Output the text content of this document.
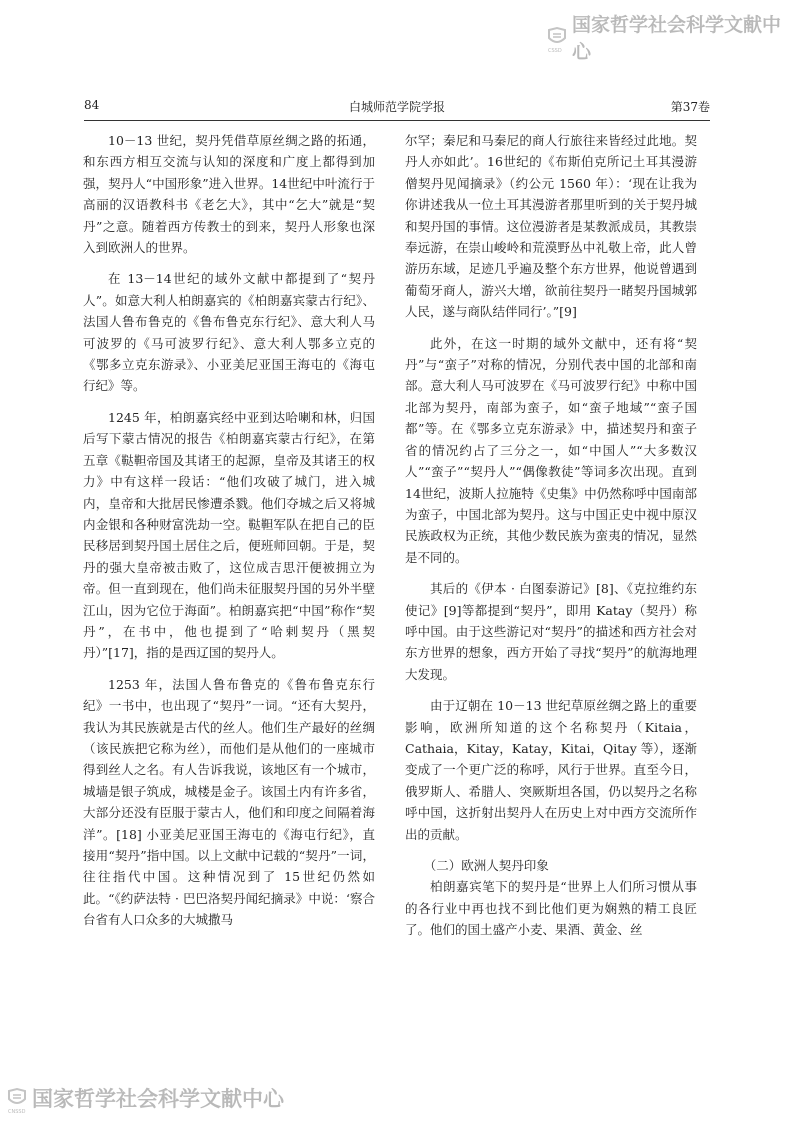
CSSD
国家哲学社会科学文献中心
84	白城师范学院学报	第37卷

10－13 世纪，契丹凭借草原丝绸之路的拓通，和东西方相互交流与认知的深度和广度上都得到加强，契丹人“中国形象”进入世界。14世纪中叶流行于高丽的汉语教科书《老乞大》，其中“乞大”就是“契丹”之意。随着西方传教士的到来，契丹人形象也深入到欧洲人的世界。

在 13－14世纪的域外文献中都提到了“契丹人”。如意大利人柏朗嘉宾的《柏朗嘉宾蒙古行纪》、法国人鲁布鲁克的《鲁布鲁克东行纪》、意大利人马可波罗的《马可波罗行纪》、意大利人鄂多立克的《鄂多立克东游录》、小亚美尼亚国王海屯的《海屯行纪》等。

1245 年，柏朗嘉宾经中亚到达哈喇和林，归国后写下蒙古情况的报告《柏朗嘉宾蒙古行纪》，在第五章《鞑靼帝国及其诸王的起源，皇帝及其诸王的权力》中有这样一段话：“他们攻破了城门，进入城内，皇帝和大批居民惨遭杀戮。他们夺城之后又将城内金银和各种财富洗劫一空。鞑靼军队在把自己的臣民移居到契丹国土居住之后，便班师回朝。于是，契丹的强大皇帝被击败了，这位成吉思汗便被拥立为帝。但一直到现在，他们尚未征服契丹国的另外半壁江山，因为它位于海面”。柏朗嘉宾把“中国”称作“契丹”，在书中，他也提到了“哈剌契丹（黑契丹）”[17]，指的是西辽国的契丹人。

1253 年，法国人鲁布鲁克的《鲁布鲁克东行纪》一书中，也出现了“契丹”一词。“还有大契丹，我认为其民族就是古代的丝人。他们生产最好的丝绸（该民族把它称为丝），而他们是从他们的一座城市得到丝人之名。有人告诉我说，该地区有一个城市，城墙是银子筑成，城楼是金子。该国土内有许多省，大部分还没有臣服于蒙古人，他们和印度之间隔着海洋”。[18] 小亚美尼亚国王海屯的《海屯行纪》，直接用“契丹”指中国。以上文献中记载的“契丹”一词，往往指代中国。这种情况到了 15世纪仍然如此。“《约萨法特 · 巴巴洛契丹闻纪摘录》中说：‘察合台省有人口众多的大城撒马

尔罕；秦尼和马秦尼的商人行旅往来皆经过此地。契丹人亦如此’。16世纪的《布斯伯克所记土耳其漫游僧契丹见闻摘录》（约公元 1560 年）：‘现在让我为你讲述我从一位土耳其漫游者那里听到的关于契丹城和契丹国的事情。这位漫游者是某教派成员，其教崇奉远游，在崇山峻岭和荒漠野丛中礼敬上帝，此人曾游历东域，足迹几乎遍及整个东方世界，他说曾遇到葡萄牙商人，游兴大增，欲前往契丹一睹契丹国城郭人民，遂与商队结伴同行’。”[9]

此外，在这一时期的域外文献中，还有将“契丹”与“蛮子”对称的情况，分别代表中国的北部和南部。意大利人马可波罗在《马可波罗行纪》中称中国北部为契丹，南部为蛮子，如“蛮子地域”“蛮子国都”等。在《鄂多立克东游录》中，描述契丹和蛮子省的情况约占了三分之一，如“中国人”“大多数汉人”“蛮子”“契丹人”“偶像教徒”等词多次出现。直到 14世纪，波斯人拉施特《史集》中仍然称呼中国南部为蛮子，中国北部为契丹。这与中国正史中视中原汉民族政权为正统，其他少数民族为蛮夷的情况，显然是不同的。

其后的《伊本 · 白图泰游记》[8]、《克拉维约东使记》[9]等都提到“契丹”，即用 Katay（契丹）称呼中国。由于这些游记对“契丹”的描述和西方社会对东方世界的想象，西方开始了寻找“契丹”的航海地理大发现。

由于辽朝在 10－13 世纪草原丝绸之路上的重要影响，欧洲所知道的这个名称契丹（Kitaia，Cathaia，Kitay，Katay，Kitai，Qitay 等），逐渐变成了一个更广泛的称呼，风行于世界。直至今日，俄罗斯人、希腊人、突厥斯坦各国，仍以契丹之名称呼中国，这折射出契丹人在历史上对中西方交流所作出的贡献。

（二）欧洲人契丹印象

柏朗嘉宾笔下的契丹是“世界上人们所习惯从事的各行业中再也找不到比他们更为娴熟的精工良匠了。他们的国土盛产小麦、果酒、黄金、丝

CNSSD
国家哲学社会科学文献中心
